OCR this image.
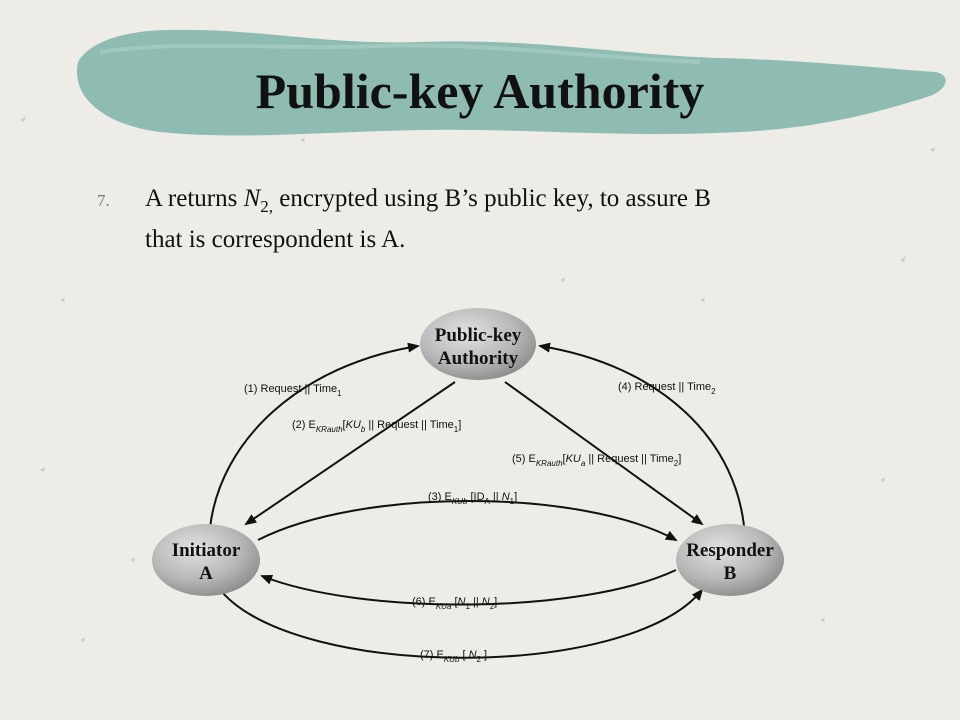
Public-key Authority
7. A returns $N_{2,}$ encrypted using B’s public key, to assure B
that is correspondent is A.
Public-key
Authority
Initiator
A
Responder
B
(1) Request || Time$_1$
(2) $E_{KRauth}[KU_b$ || Request || Time$_1$]
(3) $E_{KUb}$ [$ID_A$ || $N_1$]
(4) Request || Time$_2$
(5) $E_{KRauth}[KU_a$ || Request || Time$_2$]
(6) $E_{KUa}$ [$N_1$ || $N_2$]
(7) $E_{KUb}$ [ $N_2$ ]
